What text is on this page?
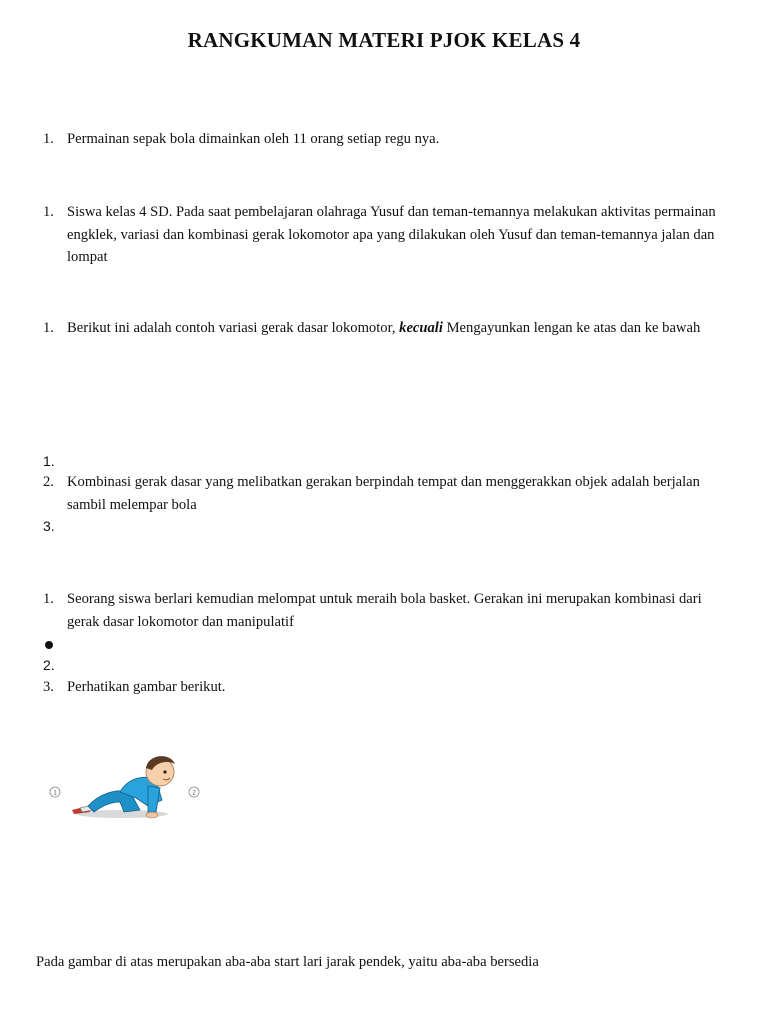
RANGKUMAN MATERI PJOK KELAS 4
1. Permainan sepak bola dimainkan oleh 11 orang setiap regu nya.
1. Siswa kelas 4 SD. Pada saat pembelajaran olahraga Yusuf dan teman-temannya melakukan aktivitas permainan engklek, variasi dan kombinasi gerak lokomotor apa yang dilakukan oleh Yusuf dan teman-temannya jalan dan lompat
1. Berikut ini adalah contoh variasi gerak dasar lokomotor, kecuali Mengayunkan lengan ke atas dan ke bawah
1.
2. Kombinasi gerak dasar yang melibatkan gerakan berpindah tempat dan menggerakkan objek adalah berjalan sambil melempar bola
3.
1. Seorang siswa berlari kemudian melompat untuk meraih bola basket. Gerakan ini merupakan kombinasi dari gerak dasar lokomotor dan manipulatif
2.
3. Perhatikan gambar berikut.
1	2
Pada gambar di atas merupakan aba-aba start lari jarak pendek, yaitu aba-aba bersedia
